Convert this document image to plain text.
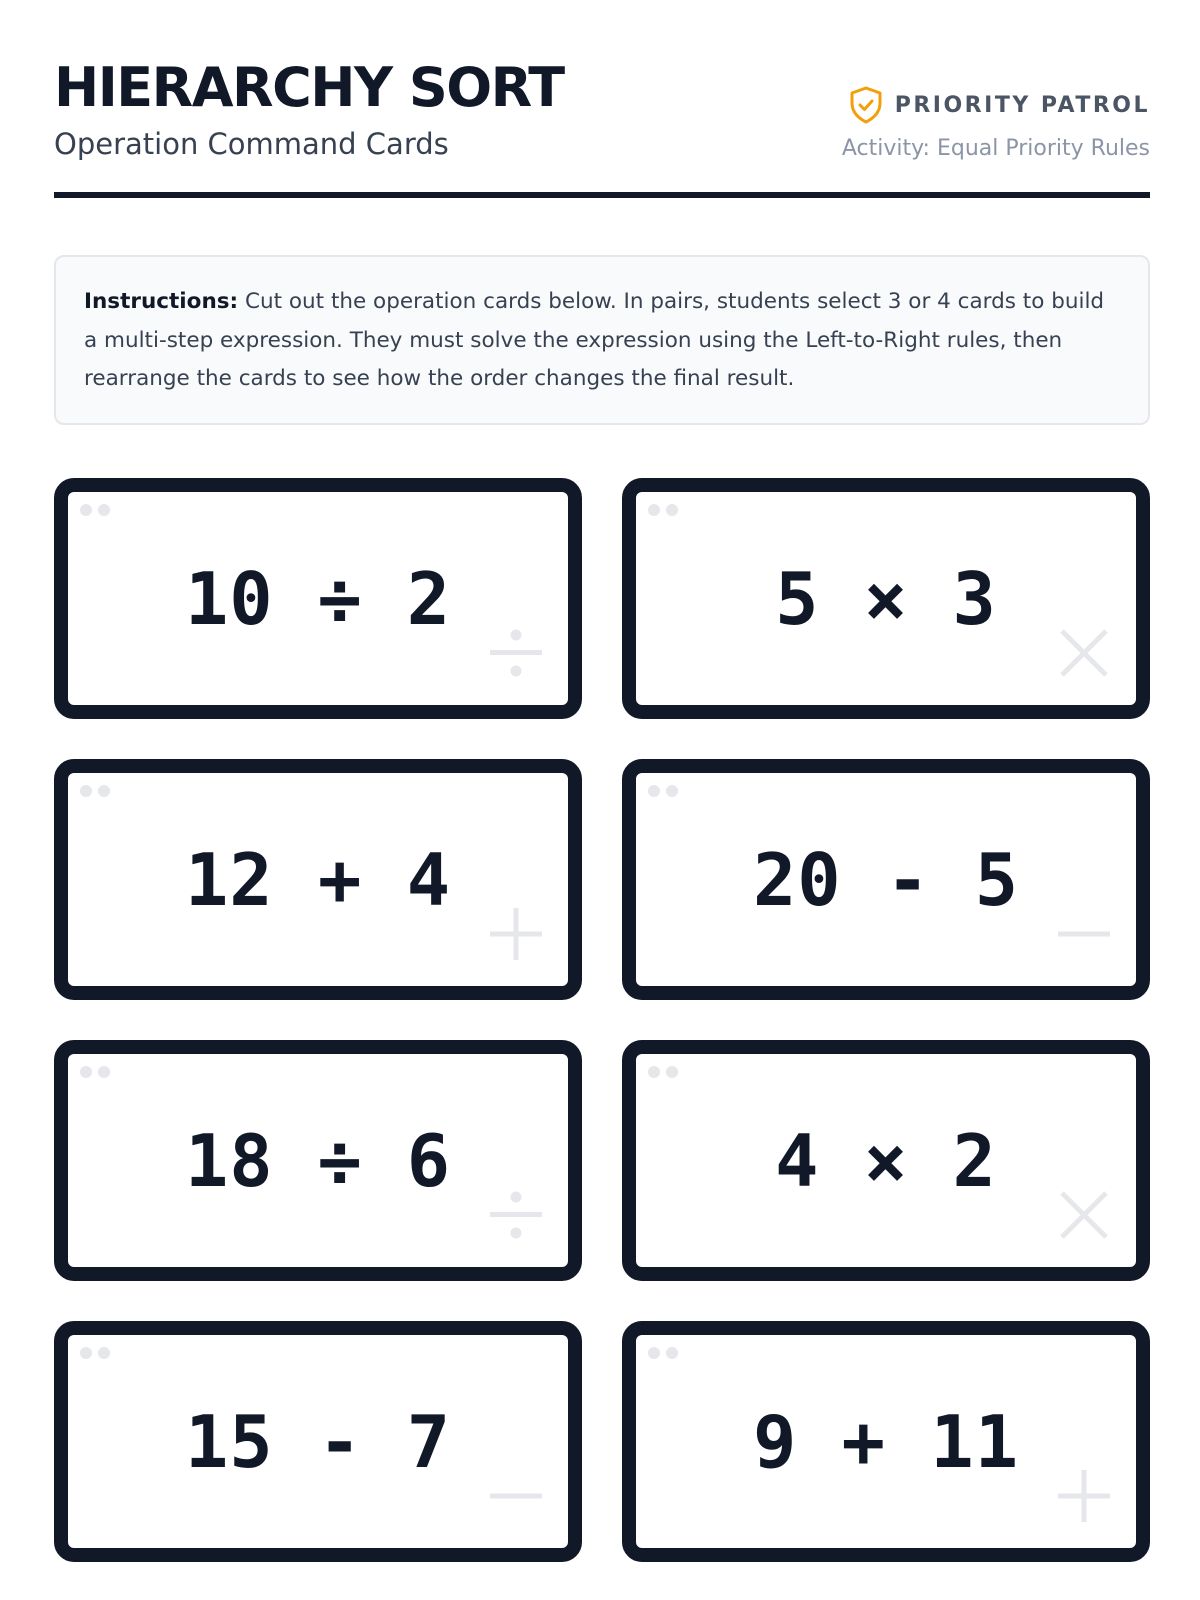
HIERARCHY SORT
Operation Command Cards
PRIORITY PATROL
Activity: Equal Priority Rules
Instructions: Cut out the operation cards below. In pairs, students select 3 or 4 cards to build a multi-step expression. They must solve the expression using the Left-to-Right rules, then rearrange the cards to see how the order changes the final result.
10 ÷ 2	5 × 3
12 + 4	20 - 5
18 ÷ 6	4 × 2
15 - 7	9 + 11
